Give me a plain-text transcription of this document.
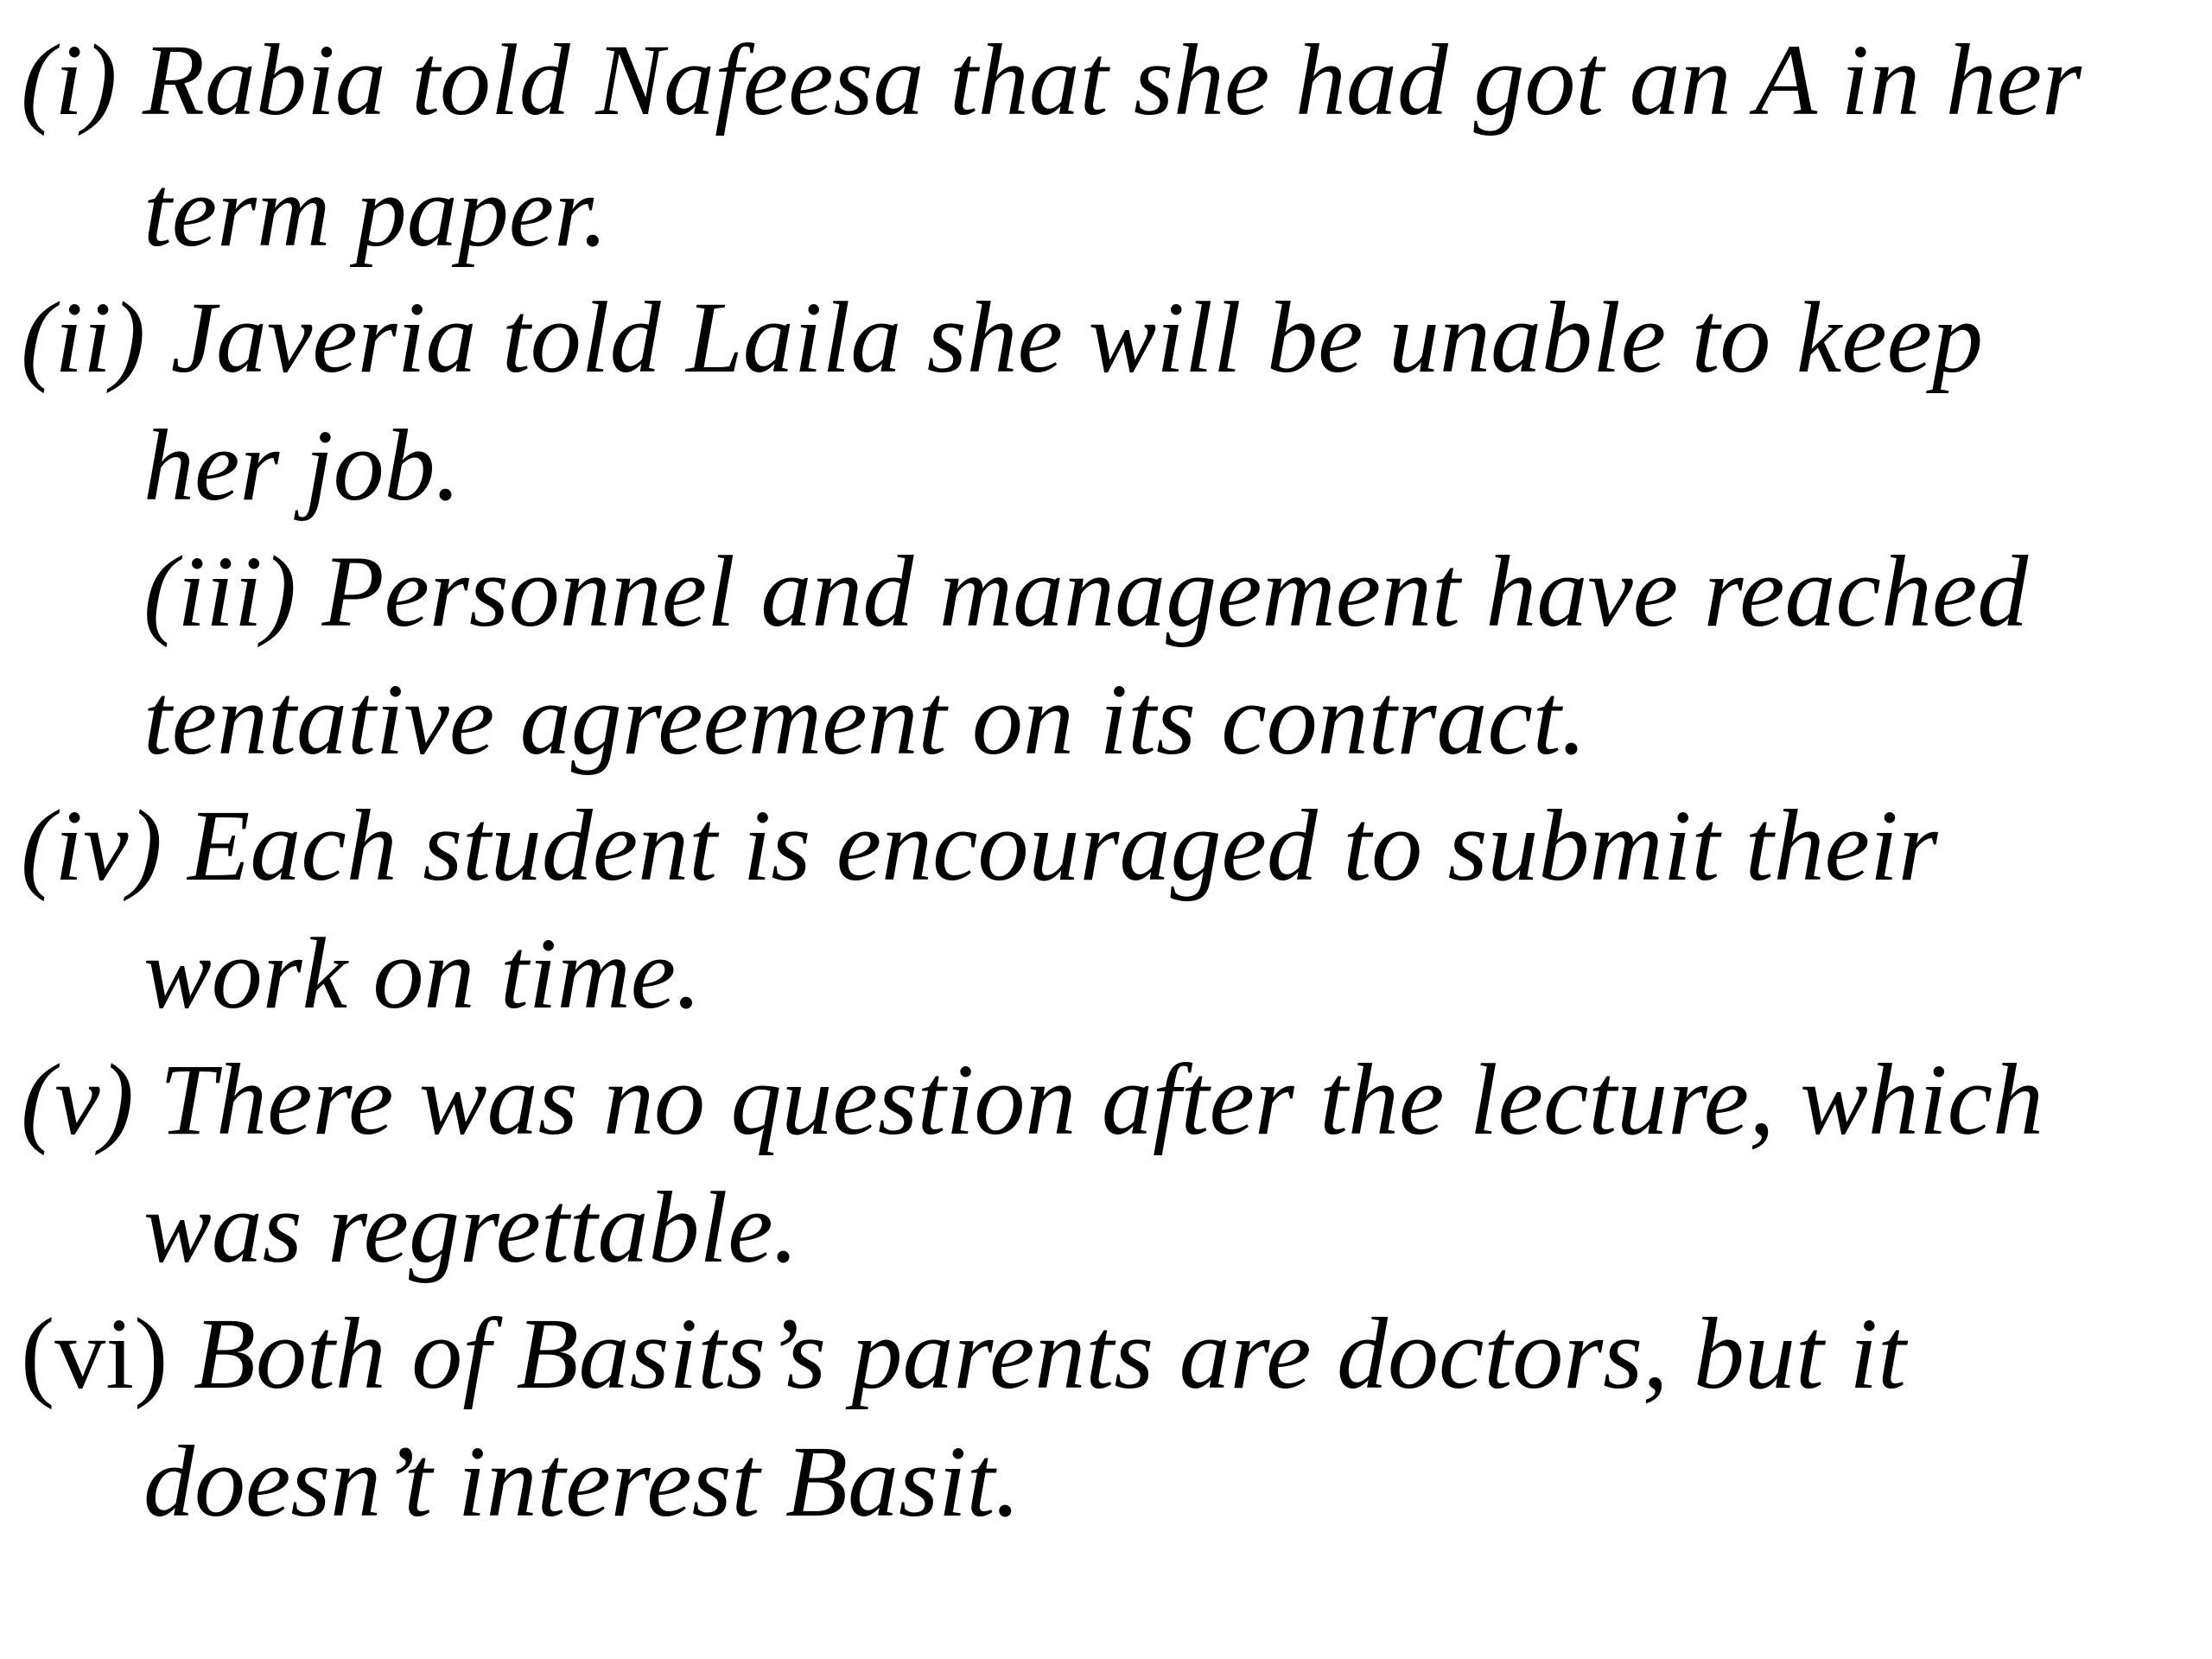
(i) Rabia told Nafeesa that she had got an A in her

term paper.

(ii) Javeria told Laila she will be unable to keep

her job.

(iii) Personnel and management have reached

tentative agreement on its contract.

(iv) Each student is encouraged to submit their

work on time.

(v) There was no question after the lecture, which

was regrettable.

(vi) Both of Basits’s parents are doctors, but it

doesn’t interest Basit.
